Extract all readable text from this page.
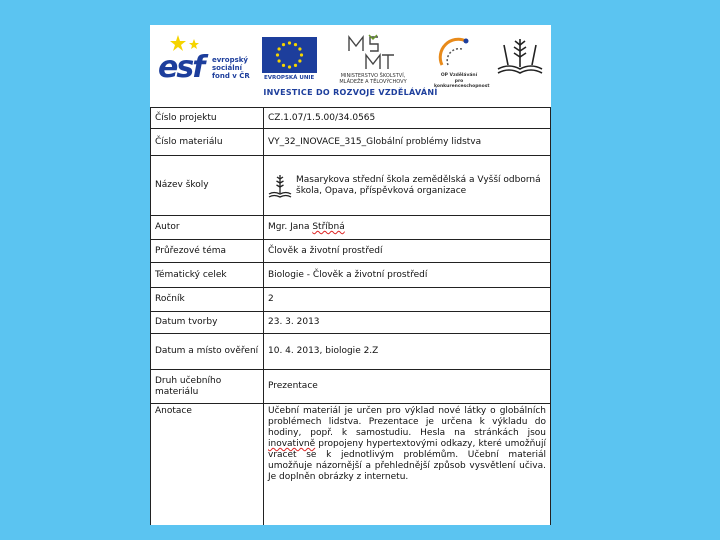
esf evropský
sociální
fond v ČR	EVROPSKÁ UNIE	MINISTERSTVO ŠKOLSTVÍ,
MLÁDEŽE A TĚLOVÝCHOVY
OP Vzdělávání
pro konkurenceschopnost
INVESTICE DO ROZVOJE VZDĚLÁVÁNÍ
Číslo projektu	CZ.1.07/1.5.00/34.0565
Číslo materiálu	VY_32_INOVACE_315_Globální problémy lidstva
Název školy	Masarykova střední škola zemědělská a Vyšší odborná škola, Opava, příspěvková organizace

Autor	Mgr. Jana Stříbná
Průřezové téma	Člověk a životní prostředí
Tématický celek	Biologie - Člověk a životní prostředí
Ročník	2
Datum tvorby	23. 3. 2013
Datum a místo ověření	10. 4. 2013, biologie 2.Z
Druh učebního materiálu	Prezentace
Anotace	Učební materiál je určen pro výklad nové látky o globálních problémech lidstva. Prezentace je určena k výkladu do hodiny, popř. k samostudiu. Hesla na stránkách jsou inovativně propojeny hypertextovými odkazy, které umožňují vracet se k jednotlivým problémům. Učební materiál umožňuje názornější a přehlednější způsob vysvětlení učiva. Je doplněn obrázky z internetu.
